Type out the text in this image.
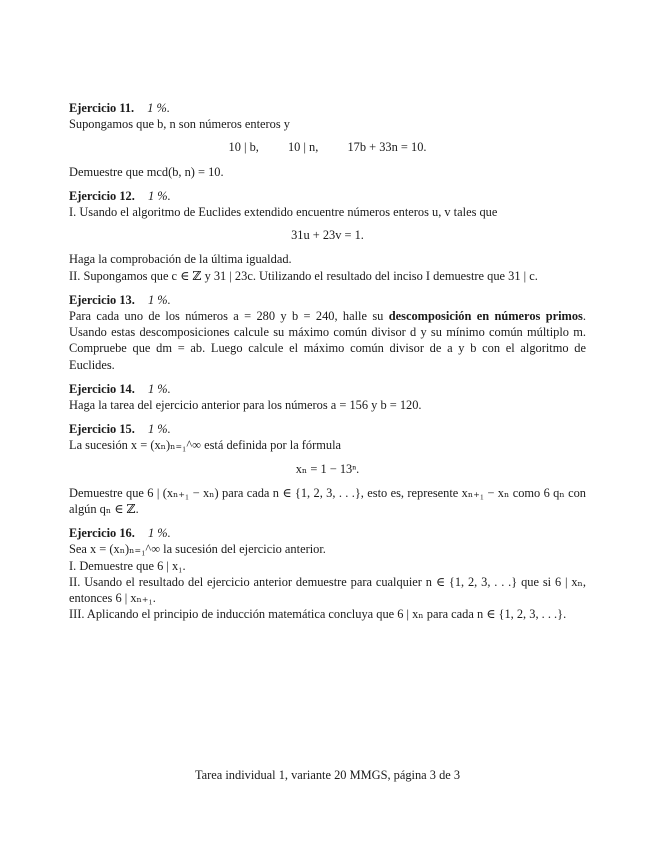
Ejercicio 11. 1 %.

Supongamos que b, n son números enteros y

10 | b, 10 | n, 17b + 33n = 10.

Demuestre que mcd(b, n) = 10.

Ejercicio 12. 1 %.

I. Usando el algoritmo de Euclides extendido encuentre números enteros u, v tales que

31u + 23v = 1.

Haga la comprobación de la última igualdad.

II. Supongamos que c ∈ ℤ y 31 | 23c. Utilizando el resultado del inciso I demuestre que 31 | c.

Ejercicio 13. 1 %.

Para cada uno de los números a = 280 y b = 240, halle su descomposición en números primos. Usando estas descomposiciones calcule su máximo común divisor d y su mínimo común múltiplo m. Compruebe que dm = ab. Luego calcule el máximo común divisor de a y b con el algoritmo de Euclides.

Ejercicio 14. 1 %.

Haga la tarea del ejercicio anterior para los números a = 156 y b = 120.

Ejercicio 15. 1 %.

La sucesión x = (xₙ)ₙ₌₁^∞ está definida por la fórmula

xₙ = 1 − 13ⁿ.

Demuestre que 6 | (xₙ₊₁ − xₙ) para cada n ∈ {1, 2, 3, . . .}, esto es, represente xₙ₊₁ − xₙ como 6 qₙ con algún qₙ ∈ ℤ.

Ejercicio 16. 1 %.

Sea x = (xₙ)ₙ₌₁^∞ la sucesión del ejercicio anterior.

I. Demuestre que 6 | x₁.

II. Usando el resultado del ejercicio anterior demuestre para cualquier n ∈ {1, 2, 3, . . .} que si 6 | xₙ, entonces 6 | xₙ₊₁.

III. Aplicando el principio de inducción matemática concluya que 6 | xₙ para cada n ∈ {1, 2, 3, . . .}.

Tarea individual 1, variante 20 MMGS, página 3 de 3
